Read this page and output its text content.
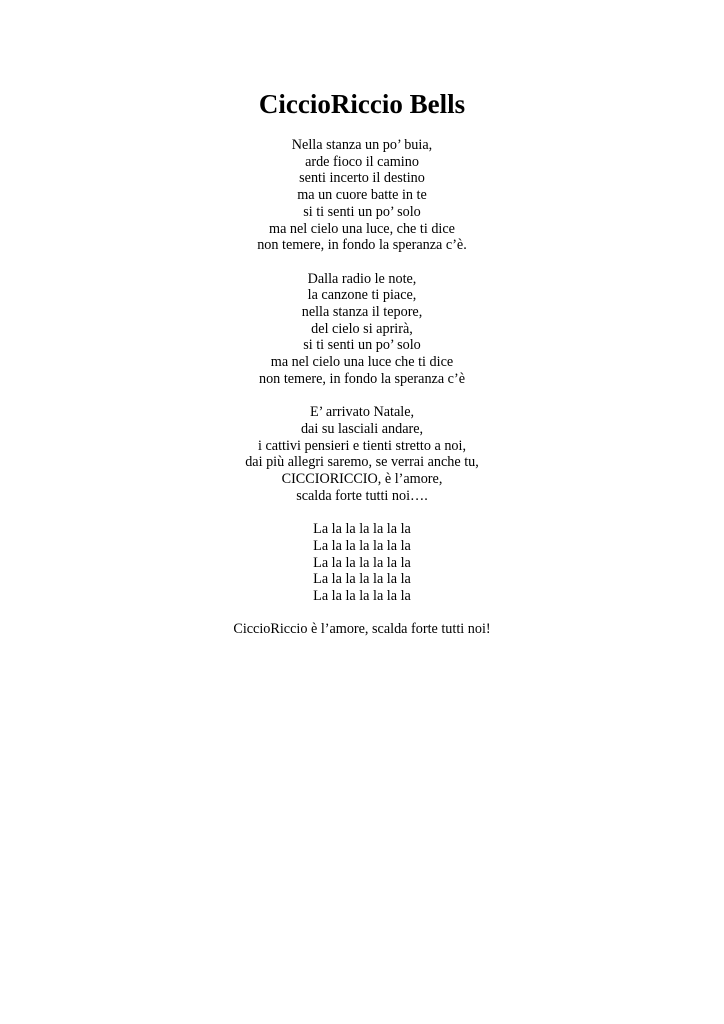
CiccioRiccio Bells
Nella stanza un po’ buia,
arde fioco il camino
senti incerto il destino
ma un cuore batte in te
si ti senti un po’ solo
ma nel cielo una luce, che ti dice
non temere, in fondo la speranza c’è.
Dalla radio le note,
la canzone ti piace,
nella stanza il tepore,
del cielo si aprirà,
si ti senti un po’ solo
ma nel cielo una luce che ti dice
non temere, in fondo la speranza c’è
E’ arrivato Natale,
dai su lasciali andare,
i cattivi pensieri e tienti stretto a noi,
dai più allegri saremo, se verrai anche tu,
CICCIORICCIO, è l’amore,
scalda forte tutti noi….
La la la la la la la
La la la la la la la
La la la la la la la
La la la la la la la
La la la la la la la
CiccioRiccio è l’amore, scalda forte tutti noi!
